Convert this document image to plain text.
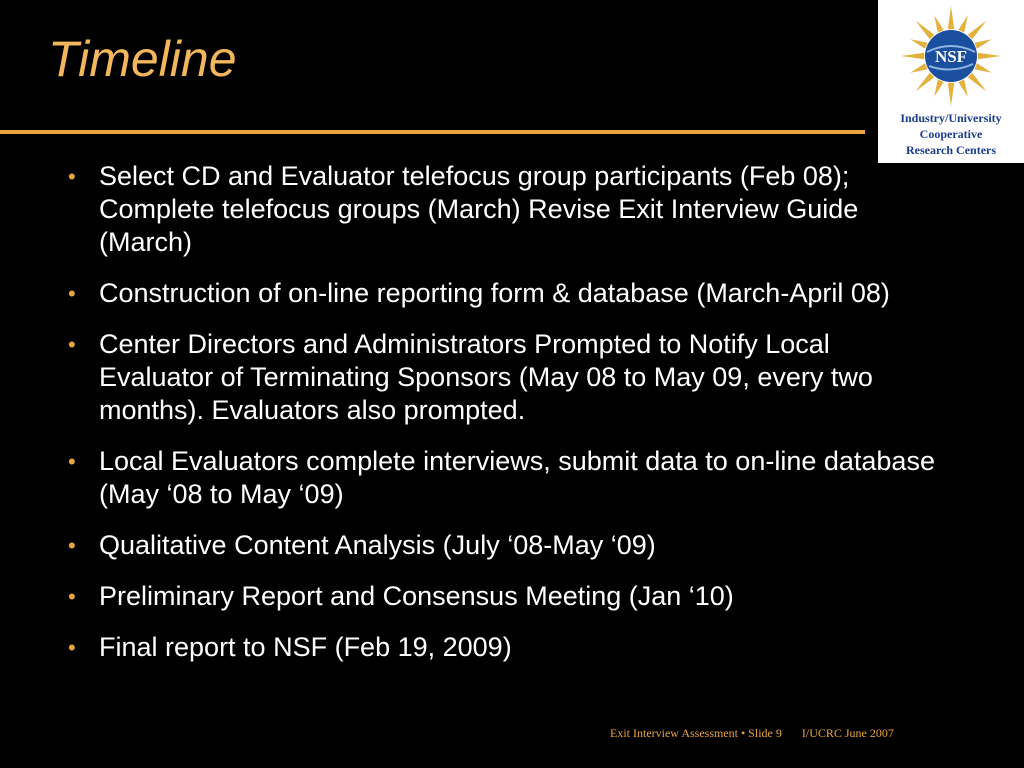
Timeline	NSF
Industry/University
Cooperative
Research Centers
• Select CD and Evaluator telefocus group participants (Feb 08); Complete telefocus groups (March) Revise Exit Interview Guide (March)
• Construction of on-line reporting form & database (March-April 08)
• Center Directors and Administrators Prompted to Notify Local Evaluator of Terminating Sponsors (May 08 to May 09, every two months). Evaluators also prompted.
• Local Evaluators complete interviews, submit data to on-line database (May ‘08 to May ‘09)
• Qualitative Content Analysis (July ‘08-May ‘09)
• Preliminary Report and Consensus Meeting (Jan ‘10)
• Final report to NSF (Feb 19, 2009)
Exit Interview Assessment • Slide 9 I/UCRC June 2007
